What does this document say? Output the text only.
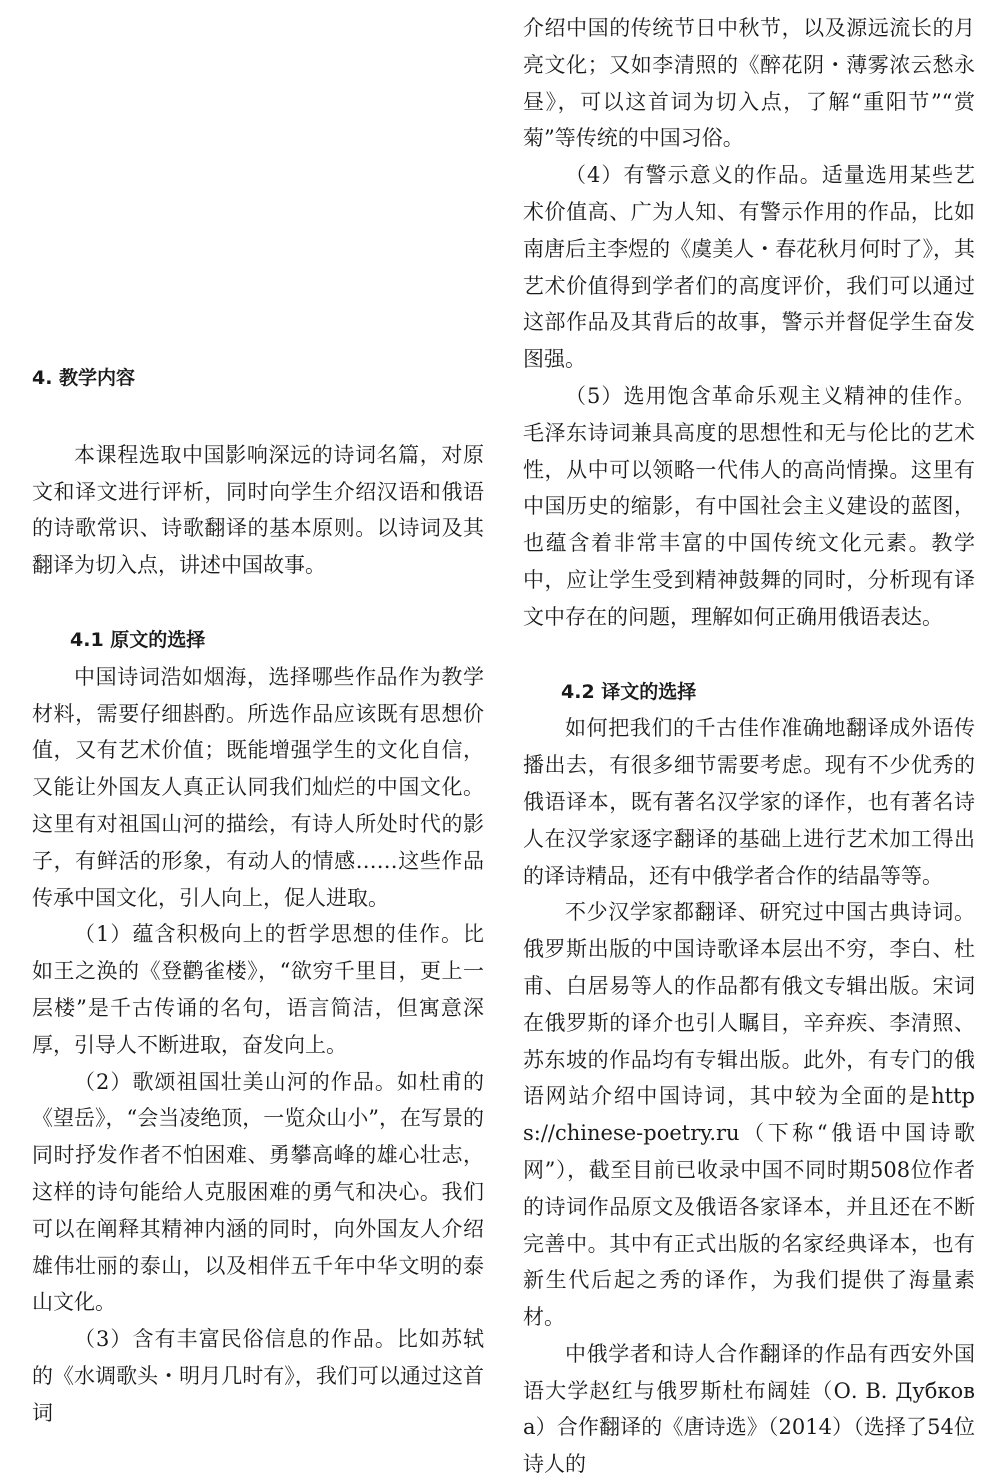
4. 教学内容

本课程选取中国影响深远的诗词名篇，对原文和译文进行评析，同时向学生介绍汉语和俄语的诗歌常识、诗歌翻译的基本原则。以诗词及其翻译为切入点，讲述中国故事。

4.1 原文的选择

中国诗词浩如烟海，选择哪些作品作为教学材料，需要仔细斟酌。所选作品应该既有思想价值，又有艺术价值；既能增强学生的文化自信，又能让外国友人真正认同我们灿烂的中国文化。这里有对祖国山河的描绘，有诗人所处时代的影子，有鲜活的形象，有动人的情感……这些作品传承中国文化，引人向上，促人进取。

（1）蕴含积极向上的哲学思想的佳作。比如王之涣的《登鹳雀楼》，“欲穷千里目，更上一层楼”是千古传诵的名句，语言简洁，但寓意深厚，引导人不断进取，奋发向上。

（2）歌颂祖国壮美山河的作品。如杜甫的《望岳》，“会当凌绝顶，一览众山小”，在写景的同时抒发作者不怕困难、勇攀高峰的雄心壮志，这样的诗句能给人克服困难的勇气和决心。我们可以在阐释其精神内涵的同时，向外国友人介绍雄伟壮丽的泰山，以及相伴五千年中华文明的泰山文化。

（3）含有丰富民俗信息的作品。比如苏轼的《水调歌头・明月几时有》，我们可以通过这首词

介绍中国的传统节日中秋节，以及源远流长的月亮文化；又如李清照的《醉花阴・薄雾浓云愁永昼》，可以这首词为切入点，了解“重阳节”“赏菊”等传统的中国习俗。

（4）有警示意义的作品。适量选用某些艺术价值高、广为人知、有警示作用的作品，比如南唐后主李煜的《虞美人・春花秋月何时了》，其艺术价值得到学者们的高度评价，我们可以通过这部作品及其背后的故事，警示并督促学生奋发图强。

（5）选用饱含革命乐观主义精神的佳作。毛泽东诗词兼具高度的思想性和无与伦比的艺术性，从中可以领略一代伟人的高尚情操。这里有中国历史的缩影，有中国社会主义建设的蓝图，也蕴含着非常丰富的中国传统文化元素。教学中，应让学生受到精神鼓舞的同时，分析现有译文中存在的问题，理解如何正确用俄语表达。

4.2 译文的选择

如何把我们的千古佳作准确地翻译成外语传播出去，有很多细节需要考虑。现有不少优秀的俄语译本，既有著名汉学家的译作，也有著名诗人在汉学家逐字翻译的基础上进行艺术加工得出的译诗精品，还有中俄学者合作的结晶等等。

不少汉学家都翻译、研究过中国古典诗词。俄罗斯出版的中国诗歌译本层出不穷，李白、杜甫、白居易等人的作品都有俄文专辑出版。宋词在俄罗斯的译介也引人瞩目，辛弃疾、李清照、苏东坡的作品均有专辑出版。此外，有专门的俄语网站介绍中国诗词，其中较为全面的是https://chinese-poetry.ru（下称“俄语中国诗歌网”），截至目前已收录中国不同时期508位作者的诗词作品原文及俄语各家译本，并且还在不断完善中。其中有正式出版的名家经典译本，也有新生代后起之秀的译作，为我们提供了海量素材。

中俄学者和诗人合作翻译的作品有西安外国语大学赵红与俄罗斯杜布阔娃（О. В. Дубкова）合作翻译的《唐诗选》（2014）（选择了54位诗人的
